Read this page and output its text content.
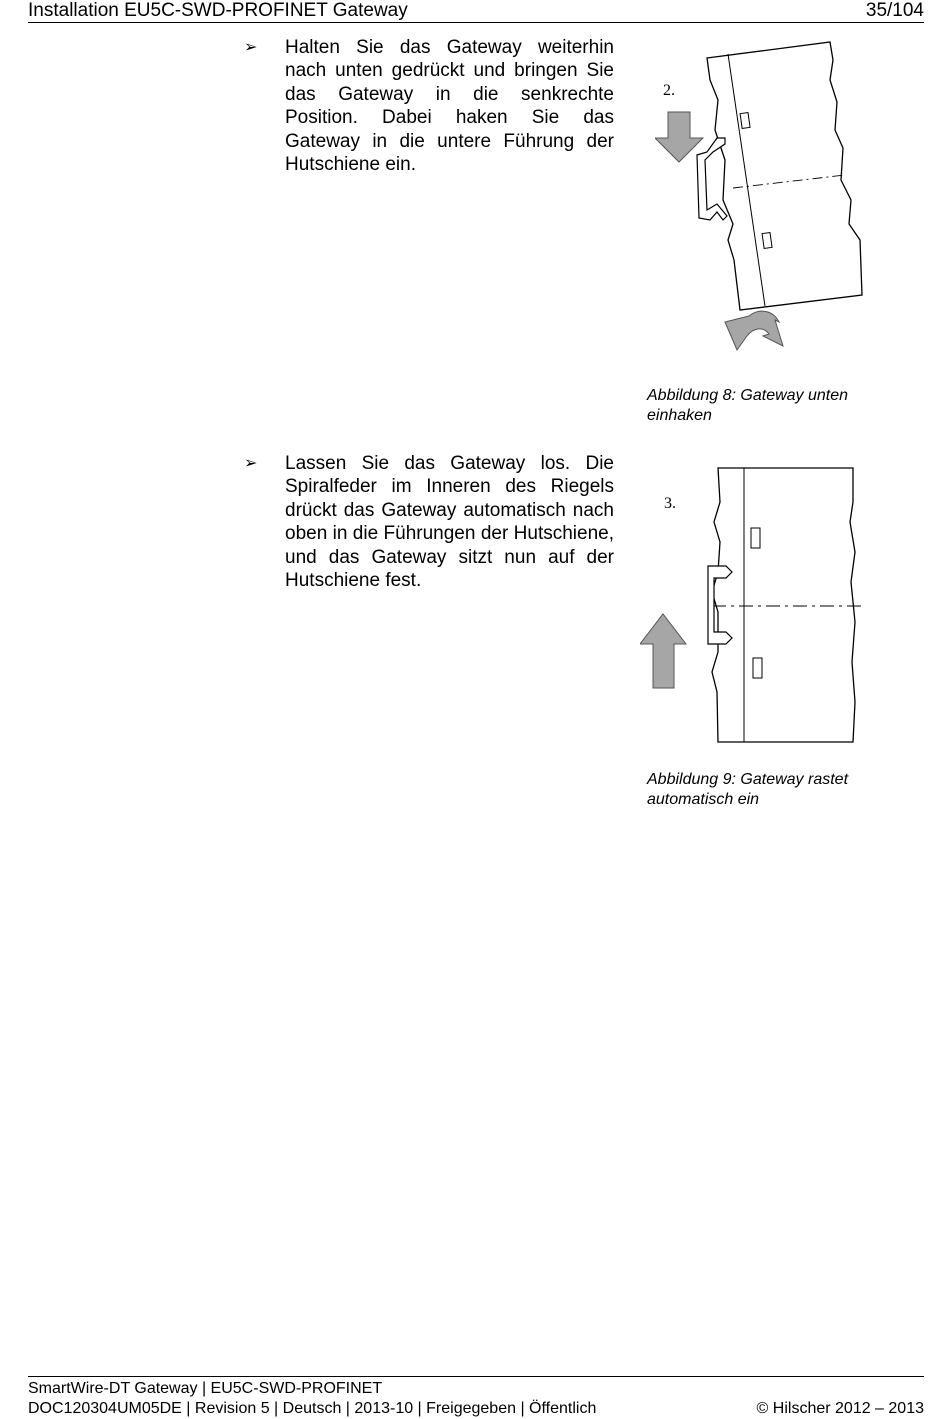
Installation EU5C-SWD-PROFINET Gateway	35/104
➢ Halten Sie das Gateway weiterhin nach unten gedrückt und bringen Sie das Gateway in die senkrechte Position. Dabei haken Sie das Gateway in die untere Führung der Hutschiene ein.
2.
Abbildung 8: Gateway unten einhaken
➢ Lassen Sie das Gateway los. Die Spiralfeder im Inneren des Riegels drückt das Gateway automatisch nach oben in die Führungen der Hutschiene, und das Gateway sitzt nun auf der Hutschiene fest.
3.
Abbildung 9: Gateway rastet automatisch ein
SmartWire-DT Gateway | EU5C-SWD-PROFINET
DOC120304UM05DE | Revision 5 | Deutsch | 2013-10 | Freigegeben | Öffentlich	© Hilscher 2012 – 2013
